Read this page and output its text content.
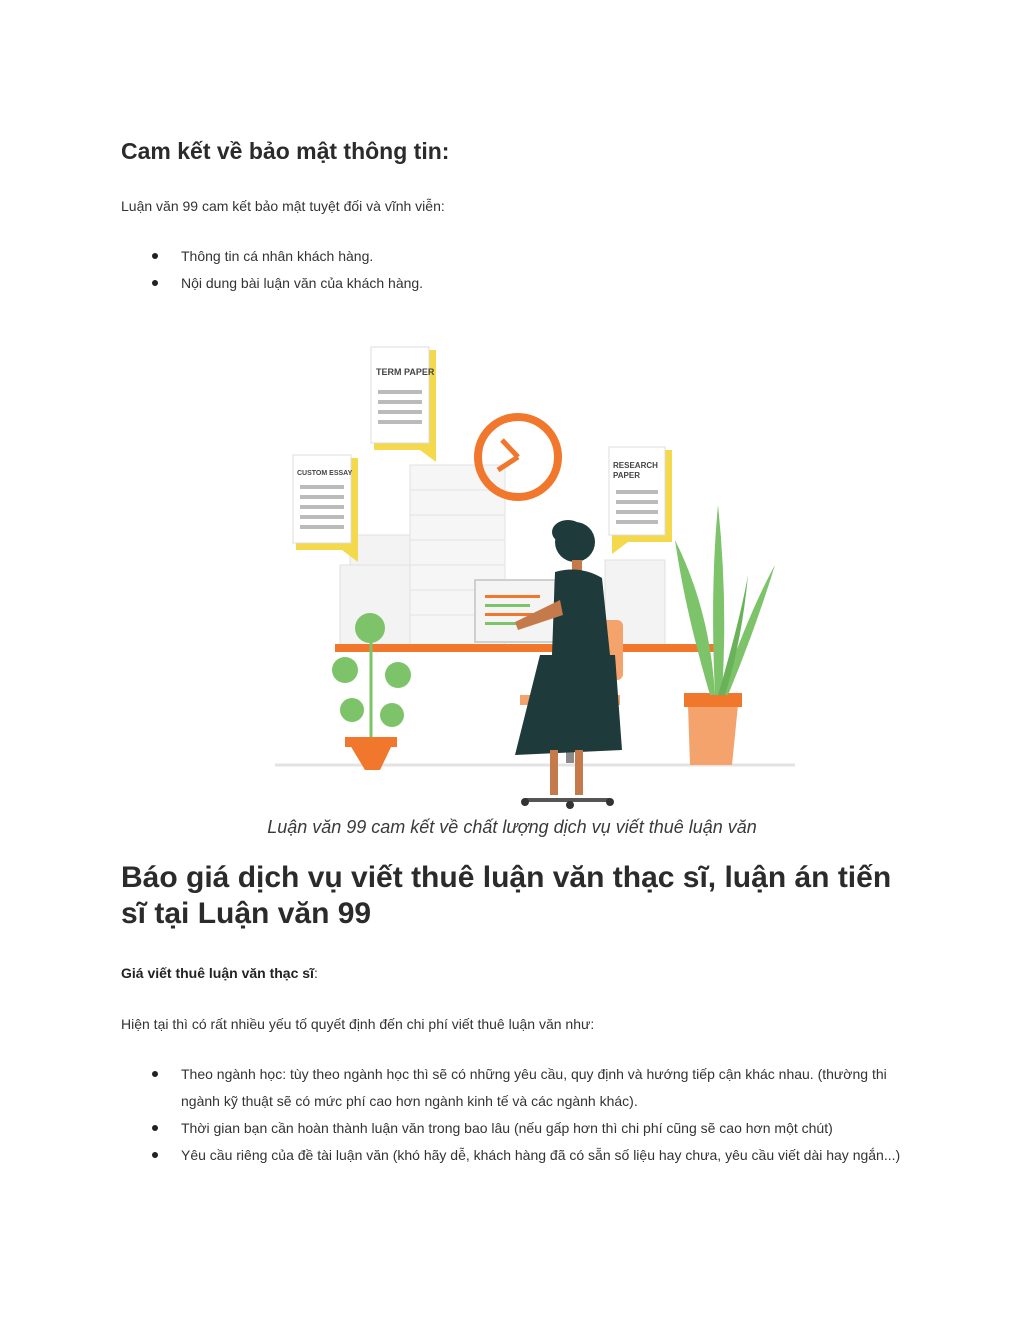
Cam kết về bảo mật thông tin:

Luận văn 99 cam kết bảo mật tuyệt đối và vĩnh viễn:

Thông tin cá nhân khách hàng.
Nội dung bài luận văn của khách hàng.
TERM PAPER
CUSTOM ESSAY
RESEARCH
PAPER

Luận văn 99 cam kết về chất lượng dịch vụ viết thuê luận văn

Báo giá dịch vụ viết thuê luận văn thạc sĩ, luận án tiến sĩ tại Luận văn 99

Giá viết thuê luận văn thạc sĩ:

Hiện tại thì có rất nhiều yếu tố quyết định đến chi phí viết thuê luận văn như:

Theo ngành học: tùy theo ngành học thì sẽ có những yêu cầu, quy định và hướng tiếp cận khác nhau. (thường thi ngành kỹ thuật sẽ có mức phí cao hơn ngành kinh tế và các ngành khác).
Thời gian bạn cần hoàn thành luận văn trong bao lâu (nếu gấp hơn thì chi phí cũng sẽ cao hơn một chút)
Yêu cầu riêng của đề tài luận văn (khó hãy dễ, khách hàng đã có sẵn số liệu hay chưa, yêu cầu viết dài hay ngắn...)
